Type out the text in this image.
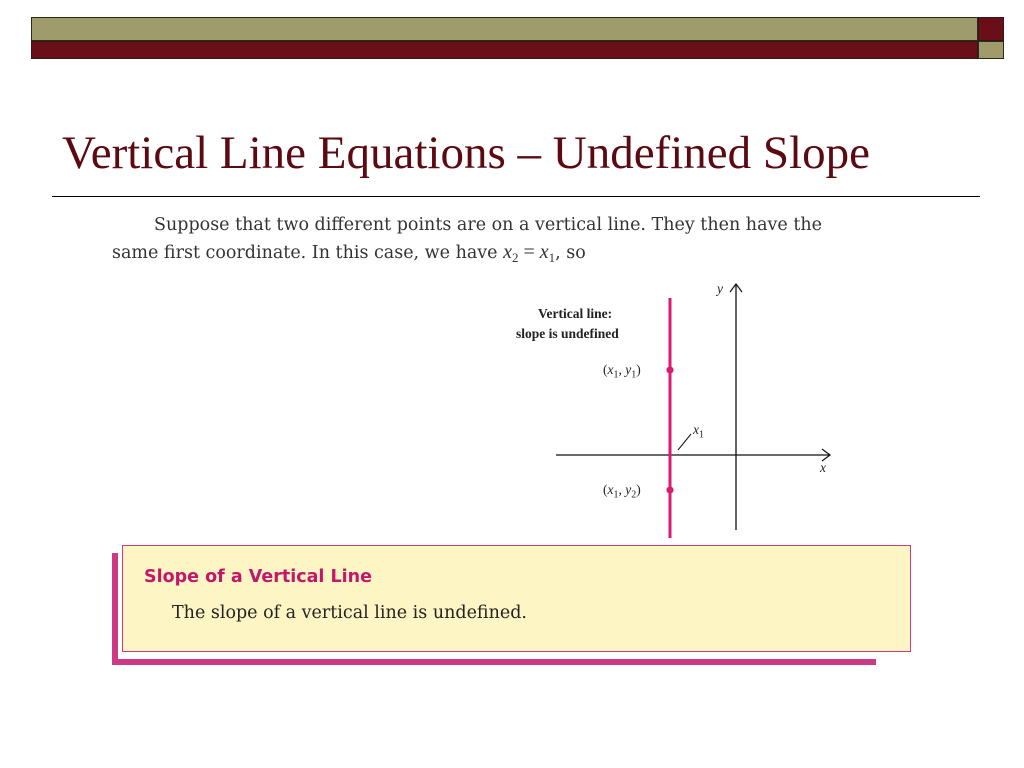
Vertical Line Equations – Undefined Slope

Suppose that two different points are on a vertical line. They then have the
same first coordinate. In this case, we have $x_2 = x_1$, so

Vertical line:
slope is undefined
y
x
($x_1$, $y_1$)
($x_1$, $y_2$)
$x_1$

Slope of a Vertical Line

The slope of a vertical line is undefined.
